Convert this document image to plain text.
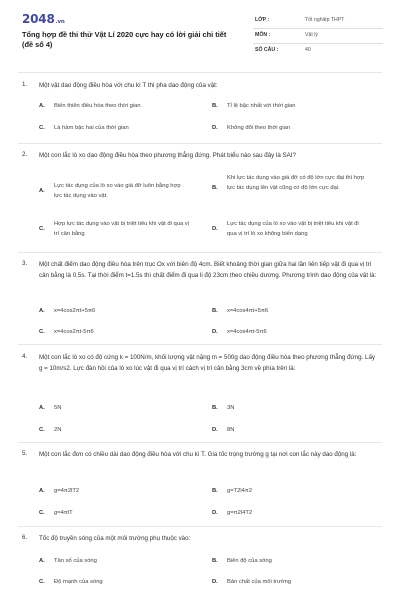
2048.vn
Tổng hợp đề thi thử Vật Lí 2020 cực hay có lời giải chi tiết (đề số 4)
LỚP :	Tốt nghiệp THPT
MÔN :	Vật lý
SỐ CÂU :	40
1. Một vật dao động điều hòa với chu kì T thì pha dao động của vật:
A. Biến thiên điều hòa theo thời gian	B. Tỉ lệ bậc nhất với thời gian
C. Là hàm bậc hai của thời gian	D. Không đổi theo thời gian
2. Một con lắc lò xo dao động điều hòa theo phương thẳng đứng. Phát biểu nào sau đây là SAI?
A.
Lực tác dụng của lò xo vào giá đỡ luôn bằng hợp lực tác dụng vào vật.
B.
Khi lực tác dụng vào giá đỡ có độ lớn cực đại thì hợp lực tác dụng lên vật cũng có độ lớn cực đại.
C.
Hợp lực tác dụng vào vật bị triệt tiêu khi vật đi qua vị trí cân bằng
D.
Lực tác dụng của lò xo vào vật bị triệt tiêu khi vật đi qua vị trí lò xo không biến dạng
3. Một chất điểm dao động điều hòa trên trục Ox với biên độ 4cm. Biết khoảng thời gian giữa hai lần liên tiếp vật đi qua vị trí cân bằng là 0.5s. Tại thời điểm t=1.5s thì chất điểm đi qua li độ 23cm theo chiều dương. Phương trình dao động của vật là:
A. x=4cos2πt+5π6	B. x=4cos4πt+5π6
C. x=4cos2πt-5π6	D. x=4cos4πt-5π6
4. Một con lắc lò xo có độ cứng k = 100N/m, khối lượng vật nặng m = 500g dao động điều hòa theo phương thẳng đứng. Lấy g = 10m/s2. Lực đàn hồi của lò xo lúc vật đi qua vị trí cách vị trí cân bằng 3cm về phía trên là:
A. 5N	B. 3N
C. 2N	D. 8N
5. Một con lắc đơn có chiều dài dao động điều hòa với chu kì T. Gia tốc trọng trường g tại nơi con lắc này dao động là:
A. g=4π2lT2	B. g=T2l4π2
C. g=4πlT	D. g=π2l4T2
6. Tốc độ truyền sóng của một môi trường phụ thuộc vào:
A. Tần số của sóng	B. Biên độ của sóng
C. Độ mạnh của sóng	D. Bản chất của môi trường
